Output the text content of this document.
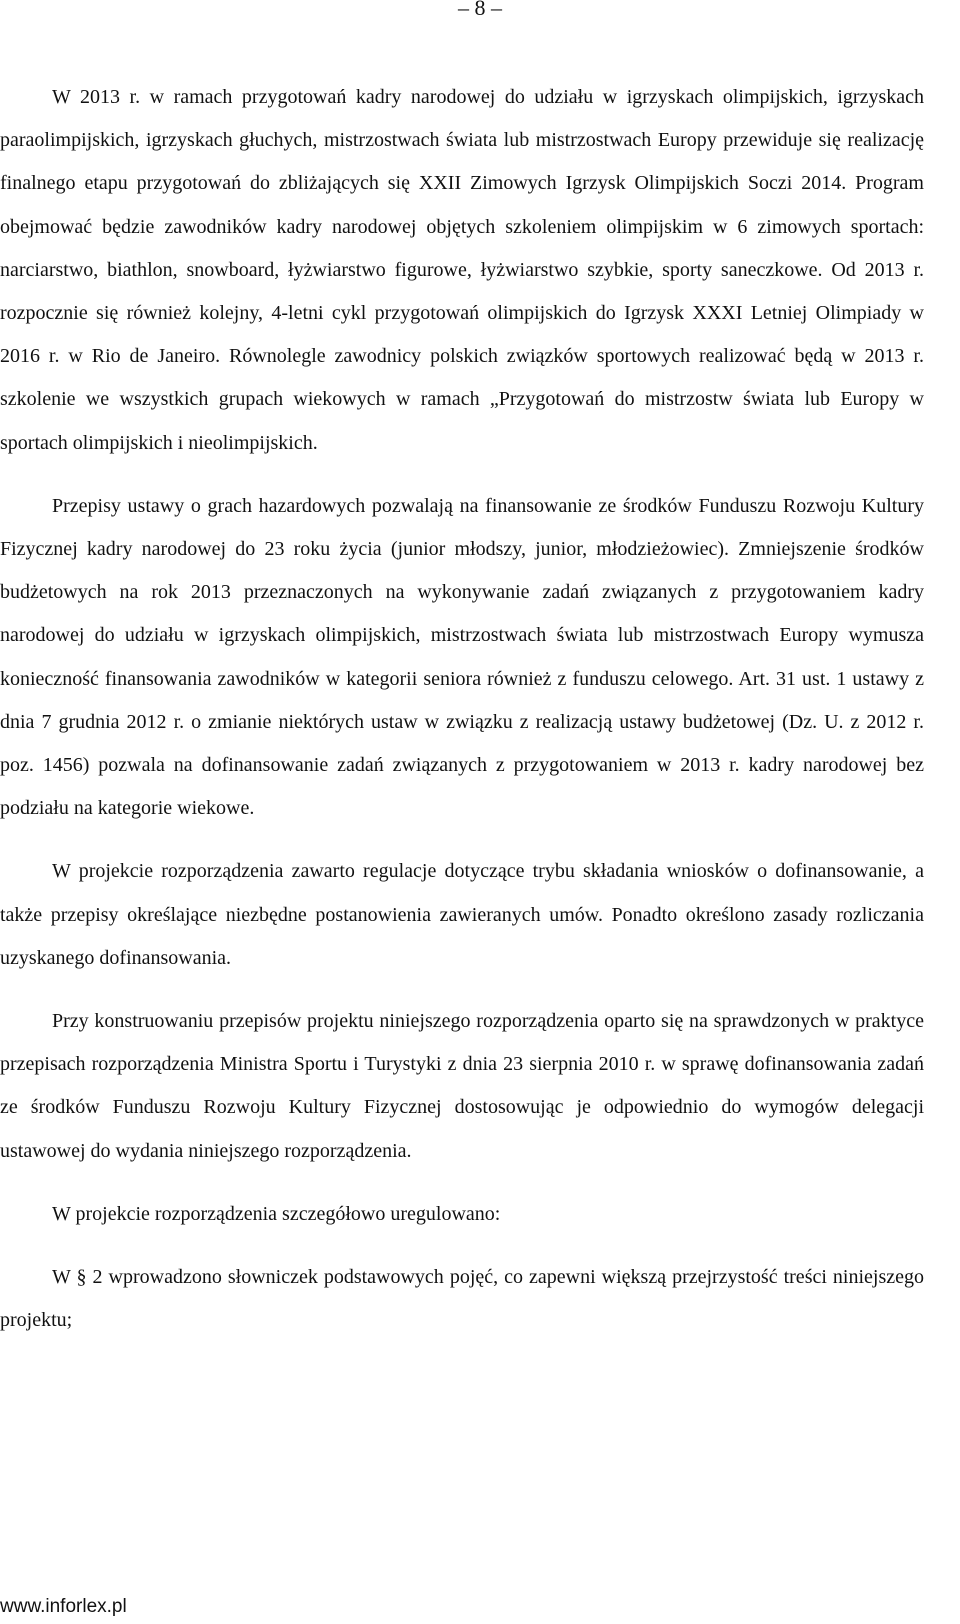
– 8 –

W 2013 r. w ramach przygotowań kadry narodowej do udziału w igrzyskach olimpijskich, igrzyskach paraolimpijskich, igrzyskach głuchych, mistrzostwach świata lub mistrzostwach Europy przewiduje się realizację finalnego etapu przygotowań do zbliżających się XXII Zimowych Igrzysk Olimpijskich Soczi 2014. Program obejmować będzie zawodników kadry narodowej objętych szkoleniem olimpijskim w 6 zimowych sportach: narciarstwo, biathlon, snowboard, łyżwiarstwo figurowe, łyżwiarstwo szybkie, sporty saneczkowe. Od 2013 r. rozpocznie się również kolejny, 4-letni cykl przygotowań olimpijskich do Igrzysk XXXI Letniej Olimpiady w 2016 r. w Rio de Janeiro. Równolegle zawodnicy polskich związków sportowych realizować będą w 2013 r. szkolenie we wszystkich grupach wiekowych w ramach „Przygotowań do mistrzostw świata lub Europy w sportach olimpijskich i nieolimpijskich.

Przepisy ustawy o grach hazardowych pozwalają na finansowanie ze środków Funduszu Rozwoju Kultury Fizycznej kadry narodowej do 23 roku życia (junior młodszy, junior, młodzieżowiec). Zmniejszenie środków budżetowych na rok 2013 przeznaczonych na wykonywanie zadań związanych z przygotowaniem kadry narodowej do udziału w igrzyskach olimpijskich, mistrzostwach świata lub mistrzostwach Europy wymusza konieczność finansowania zawodników w kategorii seniora również z funduszu celowego. Art. 31 ust. 1 ustawy z dnia 7 grudnia 2012 r. o zmianie niektórych ustaw w związku z realizacją ustawy budżetowej (Dz. U. z 2012 r. poz. 1456) pozwala na dofinansowanie zadań związanych z przygotowaniem w 2013 r. kadry narodowej bez podziału na kategorie wiekowe.

W projekcie rozporządzenia zawarto regulacje dotyczące trybu składania wniosków o dofinansowanie, a także przepisy określające niezbędne postanowienia zawieranych umów. Ponadto określono zasady rozliczania uzyskanego dofinansowania.

Przy konstruowaniu przepisów projektu niniejszego rozporządzenia oparto się na sprawdzonych w praktyce przepisach rozporządzenia Ministra Sportu i Turystyki z dnia 23 sierpnia 2010 r. w sprawę dofinansowania zadań ze środków Funduszu Rozwoju Kultury Fizycznej dostosowując je odpowiednio do wymogów delegacji ustawowej do wydania niniejszego rozporządzenia.

W projekcie rozporządzenia szczegółowo uregulowano:

W § 2 wprowadzono słowniczek podstawowych pojęć, co zapewni większą przejrzystość treści niniejszego projektu;

www.inforlex.pl
